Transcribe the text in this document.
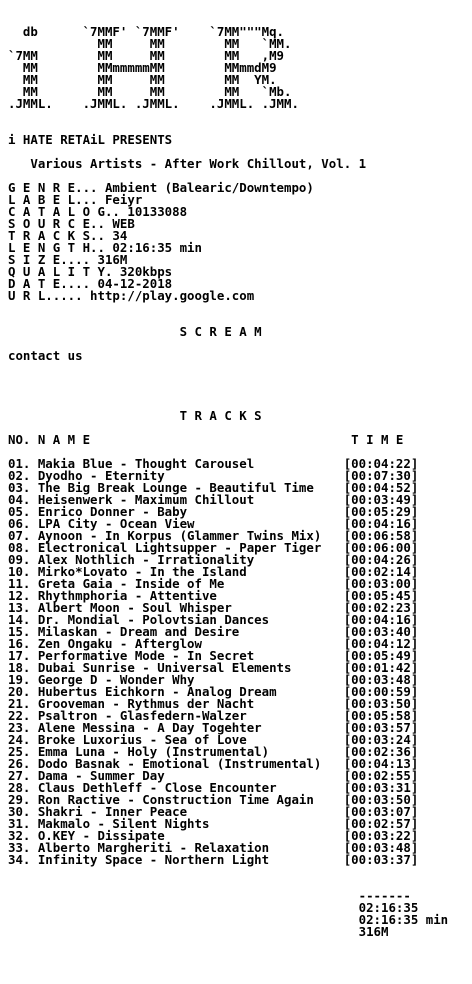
db      `7MMF' `7MMF'    `7MM"""Mq.
MM     MM        MM   `MM.
`7MM        MM     MM        MM   ,M9
MM        MMmmmmmMM        MMmmdM9
MM        MM     MM        MM  YM.
MM        MM     MM        MM   `Mb.
.JMML.    .JMML. .JMML.    .JMML. .JMM.
i HATE RETAiL PRESENTS
Various Artists - After Work Chillout, Vol. 1
G E N R E... Ambient (Balearic/Downtempo)
L A B E L... Feiyr
C A T A L O G.. 10133088
S O U R C E.. WEB
T R A C K S.. 34
L E N G T H.. 02:16:35 min
S I Z E.... 316M
Q U A L I T Y. 320kbps
D A T E.... 04-12-2018
U R L..... http://play.google.com
S C R E A M
contact us
T R A C K S
NO. N A M E                                   T I M E
01. Makia Blue - Thought Carousel            [00:04:22]
02. Dyodho - Eternity                        [00:07:30]
03. The Big Break Lounge - Beautiful Time    [00:04:52]
04. Heisenwerk - Maximum Chillout            [00:03:49]
05. Enrico Donner - Baby                     [00:05:29]
06. LPA City - Ocean View                    [00:04:16]
07. Aynoon - In Korpus (Glammer Twins Mix)   [00:06:58]
08. Electronical Lightsupper - Paper Tiger   [00:06:00]
09. Alex Nothlich - Irrationality            [00:04:26]
10. Mirko*Lovato - In the Island             [00:02:14]
11. Greta Gaia - Inside of Me                [00:03:00]
12. Rhythmphoria - Attentive                 [00:05:45]
13. Albert Moon - Soul Whisper               [00:02:23]
14. Dr. Mondial - Polovtsian Dances          [00:04:16]
15. Milaskan - Dream and Desire              [00:03:40]
16. Zen Ongaku - Afterglow                   [00:04:12]
17. Performative Mode - In Secret            [00:05:49]
18. Dubai Sunrise - Universal Elements       [00:01:42]
19. George D - Wonder Why                    [00:03:48]
20. Hubertus Eichkorn - Analog Dream         [00:00:59]
21. Grooveman - Rythmus der Nacht            [00:03:50]
22. Psaltron - Glasfedern-Walzer             [00:05:58]
23. Alene Messina - A Day Togehter           [00:03:57]
24. Broke Luxorius - Sea of Love             [00:03:24]
25. Emma Luna - Holy (Instrumental)          [00:02:36]
26. Dodo Basnak - Emotional (Instrumental)   [00:04:13]
27. Dama - Summer Day                        [00:02:55]
28. Claus Dethleff - Close Encounter         [00:03:31]
29. Ron Ractive - Construction Time Again    [00:03:50]
30. Shakri - Inner Peace                     [00:03:07]
31. Makmalo - Silent Nights                  [00:02:57]
32. O.KEY - Dissipate                        [00:03:22]
33. Alberto Margheriti - Relaxation          [00:03:48]
34. Infinity Space - Northern Light          [00:03:37]
-------
02:16:35
02:16:35 min
316M
